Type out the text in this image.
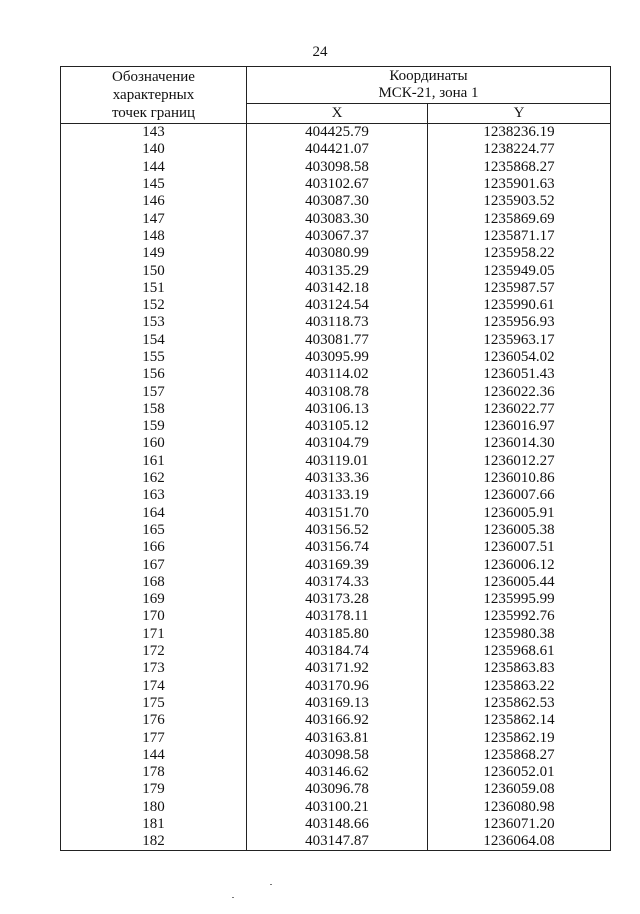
24
Обозначение
характерных
точек границ	Координаты
МСК-21, зона 1	
	X	Y
143	404425.79	1238236.19
140	404421.07	1238224.77
144	403098.58	1235868.27
145	403102.67	1235901.63
146	403087.30	1235903.52
147	403083.30	1235869.69
148	403067.37	1235871.17
149	403080.99	1235958.22
150	403135.29	1235949.05
151	403142.18	1235987.57
152	403124.54	1235990.61
153	403118.73	1235956.93
154	403081.77	1235963.17
155	403095.99	1236054.02
156	403114.02	1236051.43
157	403108.78	1236022.36
158	403106.13	1236022.77
159	403105.12	1236016.97
160	403104.79	1236014.30
161	403119.01	1236012.27
162	403133.36	1236010.86
163	403133.19	1236007.66
164	403151.70	1236005.91
165	403156.52	1236005.38
166	403156.74	1236007.51
167	403169.39	1236006.12
168	403174.33	1236005.44
169	403173.28	1235995.99
170	403178.11	1235992.76
171	403185.80	1235980.38
172	403184.74	1235968.61
173	403171.92	1235863.83
174	403170.96	1235863.22
175	403169.13	1235862.53
176	403166.92	1235862.14
177	403163.81	1235862.19
144	403098.58	1235868.27
178	403146.62	1236052.01
179	403096.78	1236059.08
180	403100.21	1236080.98
181	403148.66	1236071.20
182	403147.87	1236064.08
